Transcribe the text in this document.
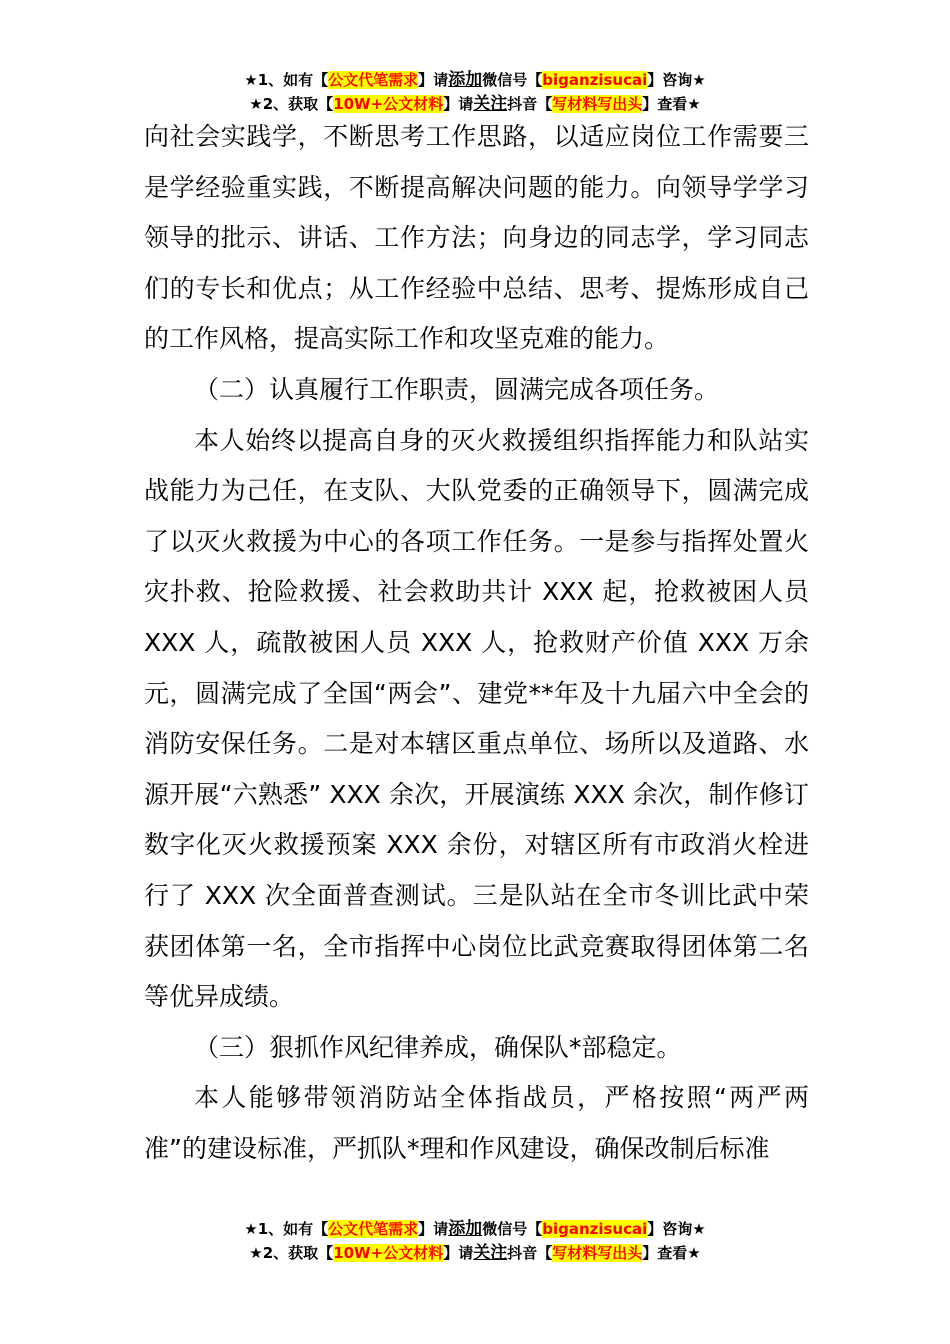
★1、如有【公文代笔需求】请添加微信号【biganzisucai】咨询★
★2、获取【10W+公文材料】请关注抖音【写材料写出头】查看★

向社会实践学，不断思考工作思路，以适应岗位工作需要三是学经验重实践，不断提高解决问题的能力。向领导学学习领导的批示、讲话、工作方法；向身边的同志学，学习同志们的专长和优点；从工作经验中总结、思考、提炼形成自己的工作风格，提高实际工作和攻坚克难的能力。

（二）认真履行工作职责，圆满完成各项任务。

本人始终以提高自身的灭火救援组织指挥能力和队站实战能力为己任，在支队、大队党委的正确领导下，圆满完成了以灭火救援为中心的各项工作任务。一是参与指挥处置火灾扑救、抢险救援、社会救助共计 XXX 起，抢救被困人员 XXX 人，疏散被困人员 XXX 人，抢救财产价值 XXX 万余元，圆满完成了全国“两会”、建党**年及十九届六中全会的消防安保任务。二是对本辖区重点单位、场所以及道路、水源开展“六熟悉” XXX 余次，开展演练 XXX 余次，制作修订数字化灭火救援预案 XXX 余份，对辖区所有市政消火栓进行了 XXX 次全面普查测试。三是队站在全市冬训比武中荣获团体第一名，全市指挥中心岗位比武竞赛取得团体第二名等优异成绩。

（三）狠抓作风纪律养成，确保队*部稳定。

本人能够带领消防站全体指战员，严格按照“两严两准”的建设标准，严抓队*理和作风建设，确保改制后标准

★1、如有【公文代笔需求】请添加微信号【biganzisucai】咨询★
★2、获取【10W+公文材料】请关注抖音【写材料写出头】查看★
